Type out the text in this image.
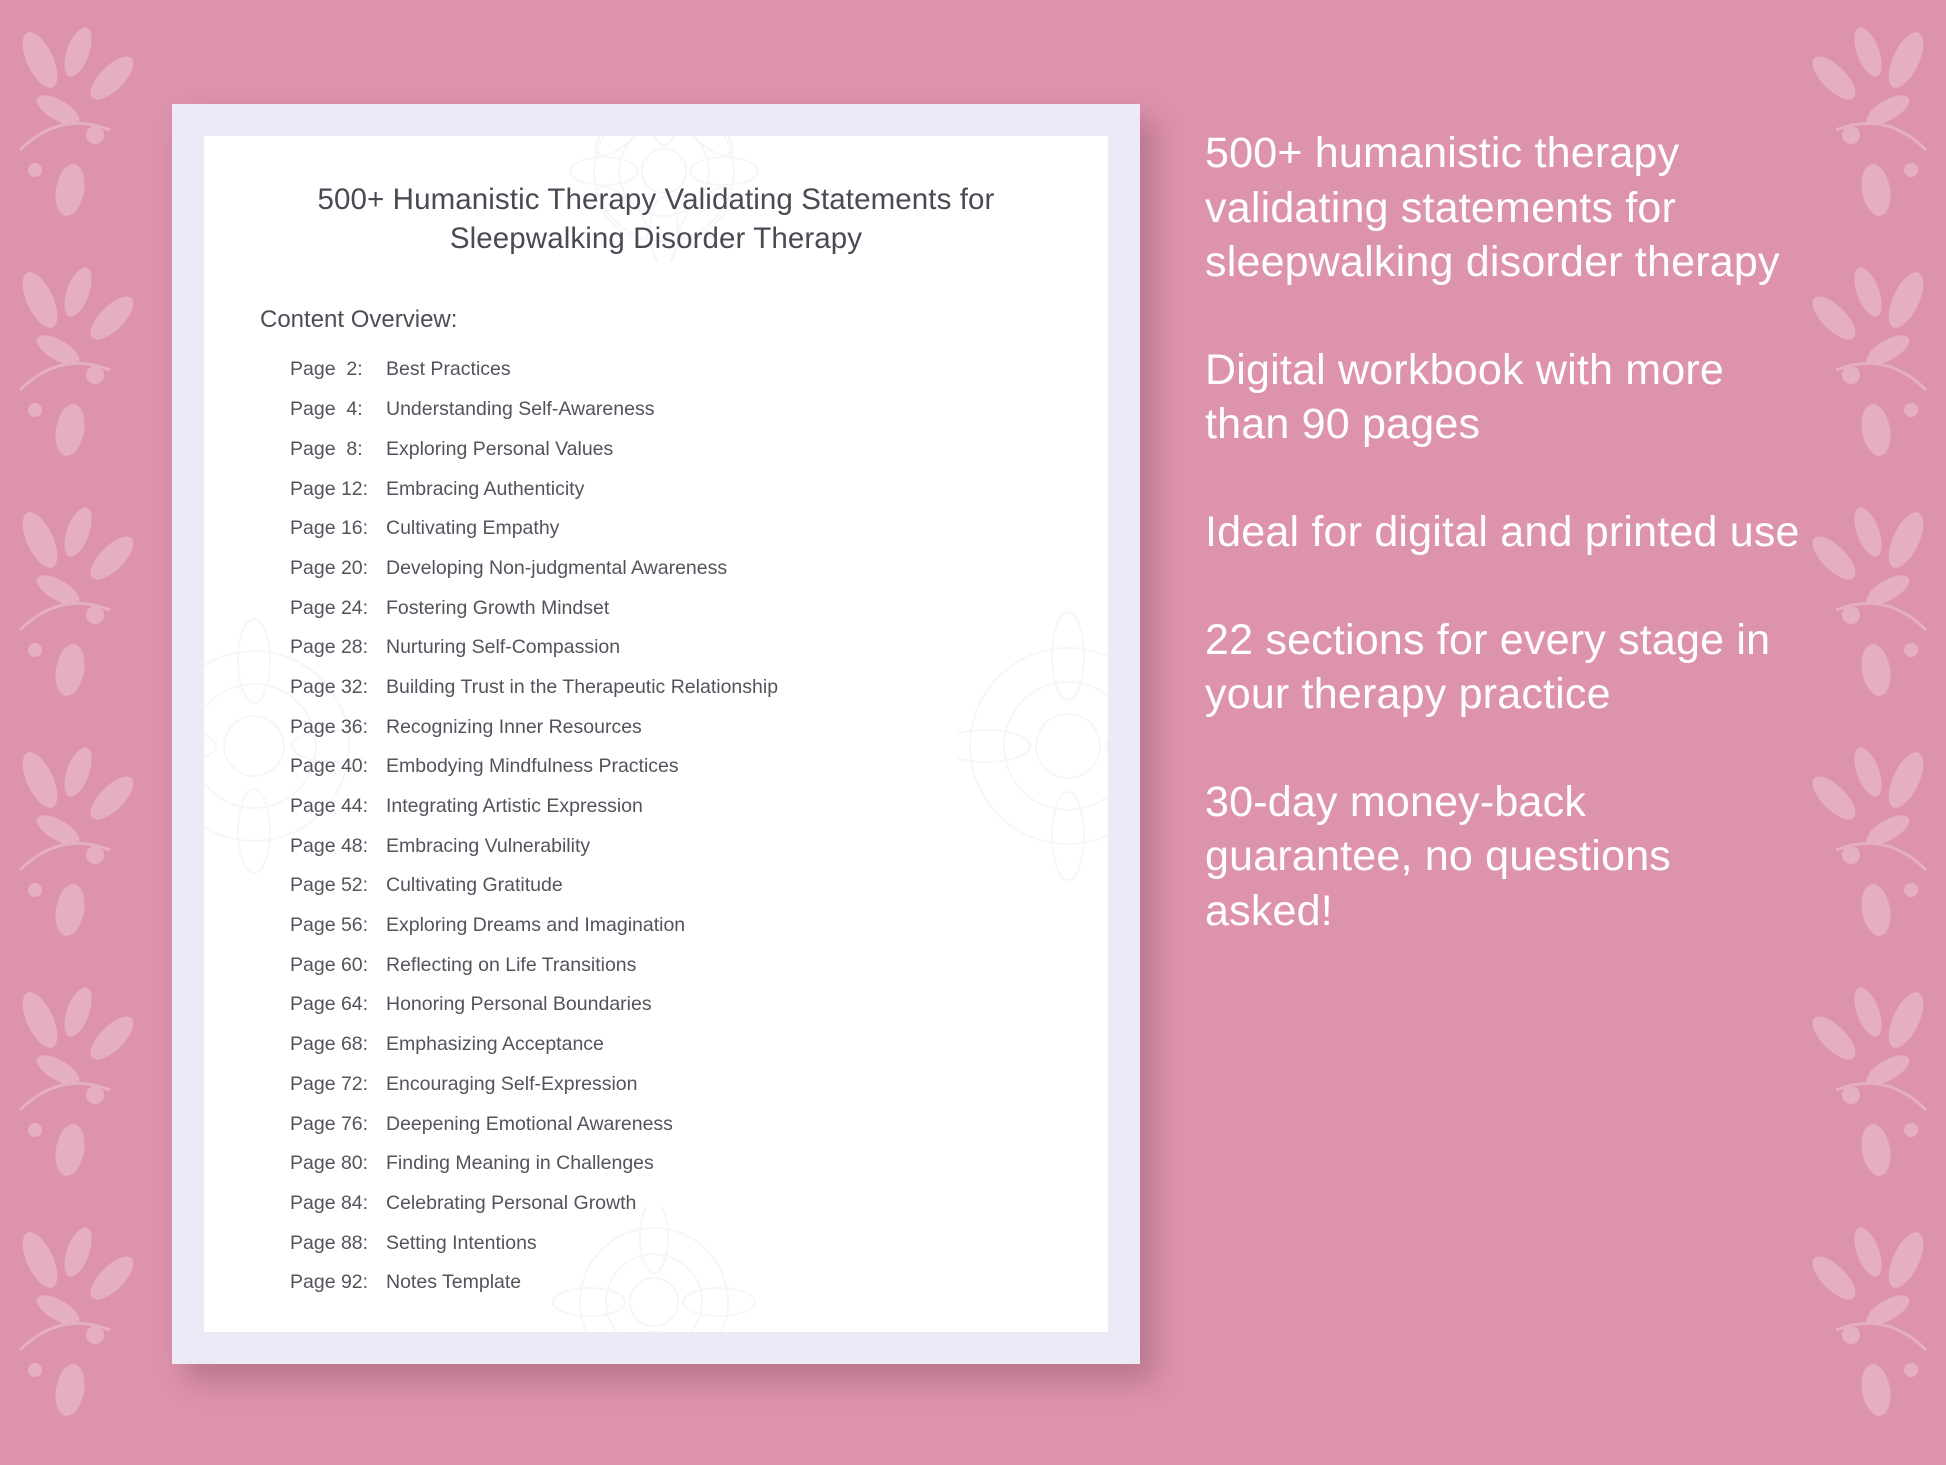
500+ Humanistic Therapy Validating Statements for Sleepwalking Disorder Therapy
Content Overview:
Page  2:	Best Practices
Page  4:	Understanding Self-Awareness
Page  8:	Exploring Personal Values
Page 12: Embracing Authenticity
Page 16: Cultivating Empathy
Page 20: Developing Non-judgmental Awareness
Page 24: Fostering Growth Mindset
Page 28: Nurturing Self-Compassion
Page 32: Building Trust in the Therapeutic Relationship
Page 36: Recognizing Inner Resources
Page 40: Embodying Mindfulness Practices
Page 44: Integrating Artistic Expression
Page 48: Embracing Vulnerability
Page 52: Cultivating Gratitude
Page 56: Exploring Dreams and Imagination
Page 60: Reflecting on Life Transitions
Page 64: Honoring Personal Boundaries
Page 68: Emphasizing Acceptance
Page 72: Encouraging Self-Expression
Page 76: Deepening Emotional Awareness
Page 80: Finding Meaning in Challenges
Page 84: Celebrating Personal Growth
Page 88: Setting Intentions
Page 92: Notes Template
500+ humanistic therapy validating statements for sleepwalking disorder therapy
Digital workbook with more than 90 pages
Ideal for digital and printed use
22 sections for every stage in your therapy practice
30-day money-back guarantee, no questions asked!
